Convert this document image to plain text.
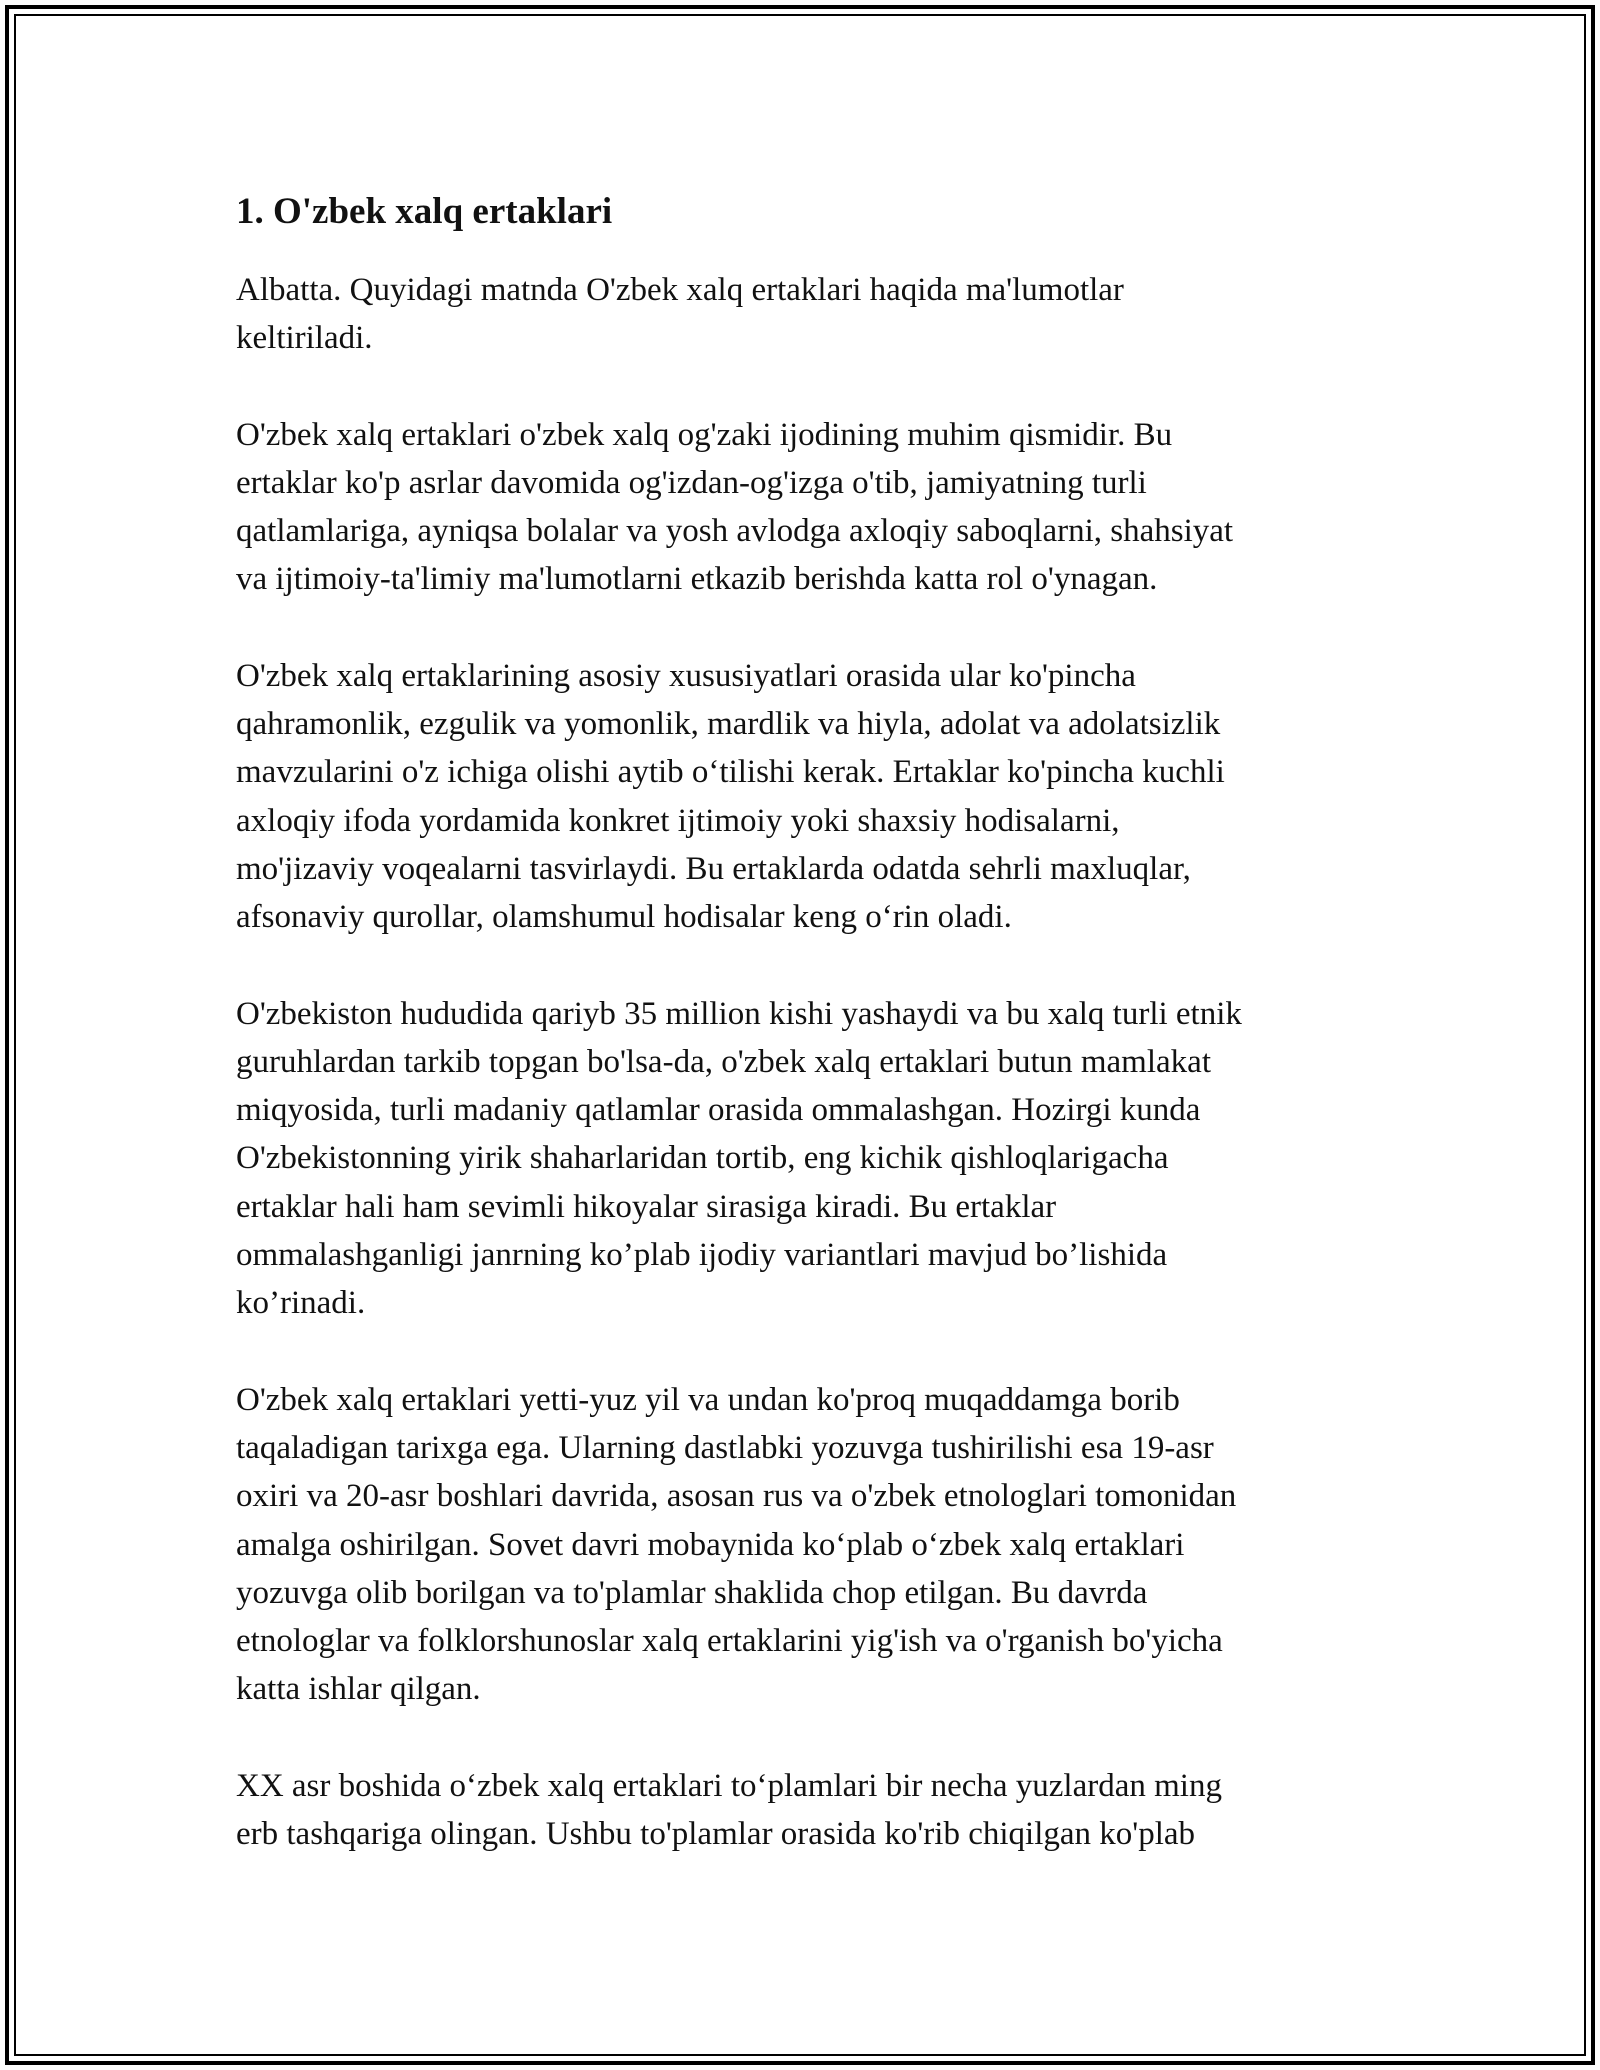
1. O'zbek xalq ertaklari

Albatta. Quyidagi matnda O'zbek xalq ertaklari haqida ma'lumotlar
keltiriladi.

O'zbek xalq ertaklari o'zbek xalq og'zaki ijodining muhim qismidir. Bu
ertaklar ko'p asrlar davomida og'izdan-og'izga o'tib, jamiyatning turli
qatlamlariga, ayniqsa bolalar va yosh avlodga axloqiy saboqlarni, shahsiyat
va ijtimoiy-ta'limiy ma'lumotlarni etkazib berishda katta rol o'ynagan.

O'zbek xalq ertaklarining asosiy xususiyatlari orasida ular ko'pincha
qahramonlik, ezgulik va yomonlik, mardlik va hiyla, adolat va adolatsizlik
mavzularini o'z ichiga olishi aytib o‘tilishi kerak. Ertaklar ko'pincha kuchli
axloqiy ifoda yordamida konkret ijtimoiy yoki shaxsiy hodisalarni,
mo'jizaviy voqealarni tasvirlaydi. Bu ertaklarda odatda sehrli maxluqlar,
afsonaviy qurollar, olamshumul hodisalar keng o‘rin oladi.

O'zbekiston hududida qariyb 35 million kishi yashaydi va bu xalq turli etnik
guruhlardan tarkib topgan bo'lsa-da, o'zbek xalq ertaklari butun mamlakat
miqyosida, turli madaniy qatlamlar orasida ommalashgan. Hozirgi kunda
O'zbekistonning yirik shaharlaridan tortib, eng kichik qishloqlarigacha
ertaklar hali ham sevimli hikoyalar sirasiga kiradi. Bu ertaklar
ommalashganligi janrning ko’plab ijodiy variantlari mavjud bo’lishida
ko’rinadi.

O'zbek xalq ertaklari yetti-yuz yil va undan ko'proq muqaddamga borib
taqaladigan tarixga ega. Ularning dastlabki yozuvga tushirilishi esa 19-asr
oxiri va 20-asr boshlari davrida, asosan rus va o'zbek etnologlari tomonidan
amalga oshirilgan. Sovet davri mobaynida ko‘plab o‘zbek xalq ertaklari
yozuvga olib borilgan va to'plamlar shaklida chop etilgan. Bu davrda
etnologlar va folklorshunoslar xalq ertaklarini yig'ish va o'rganish bo'yicha
katta ishlar qilgan.

XX asr boshida o‘zbek xalq ertaklari to‘plamlari bir necha yuzlardan ming
erb tashqariga olingan. Ushbu to'plamlar orasida ko'rib chiqilgan ko'plab
